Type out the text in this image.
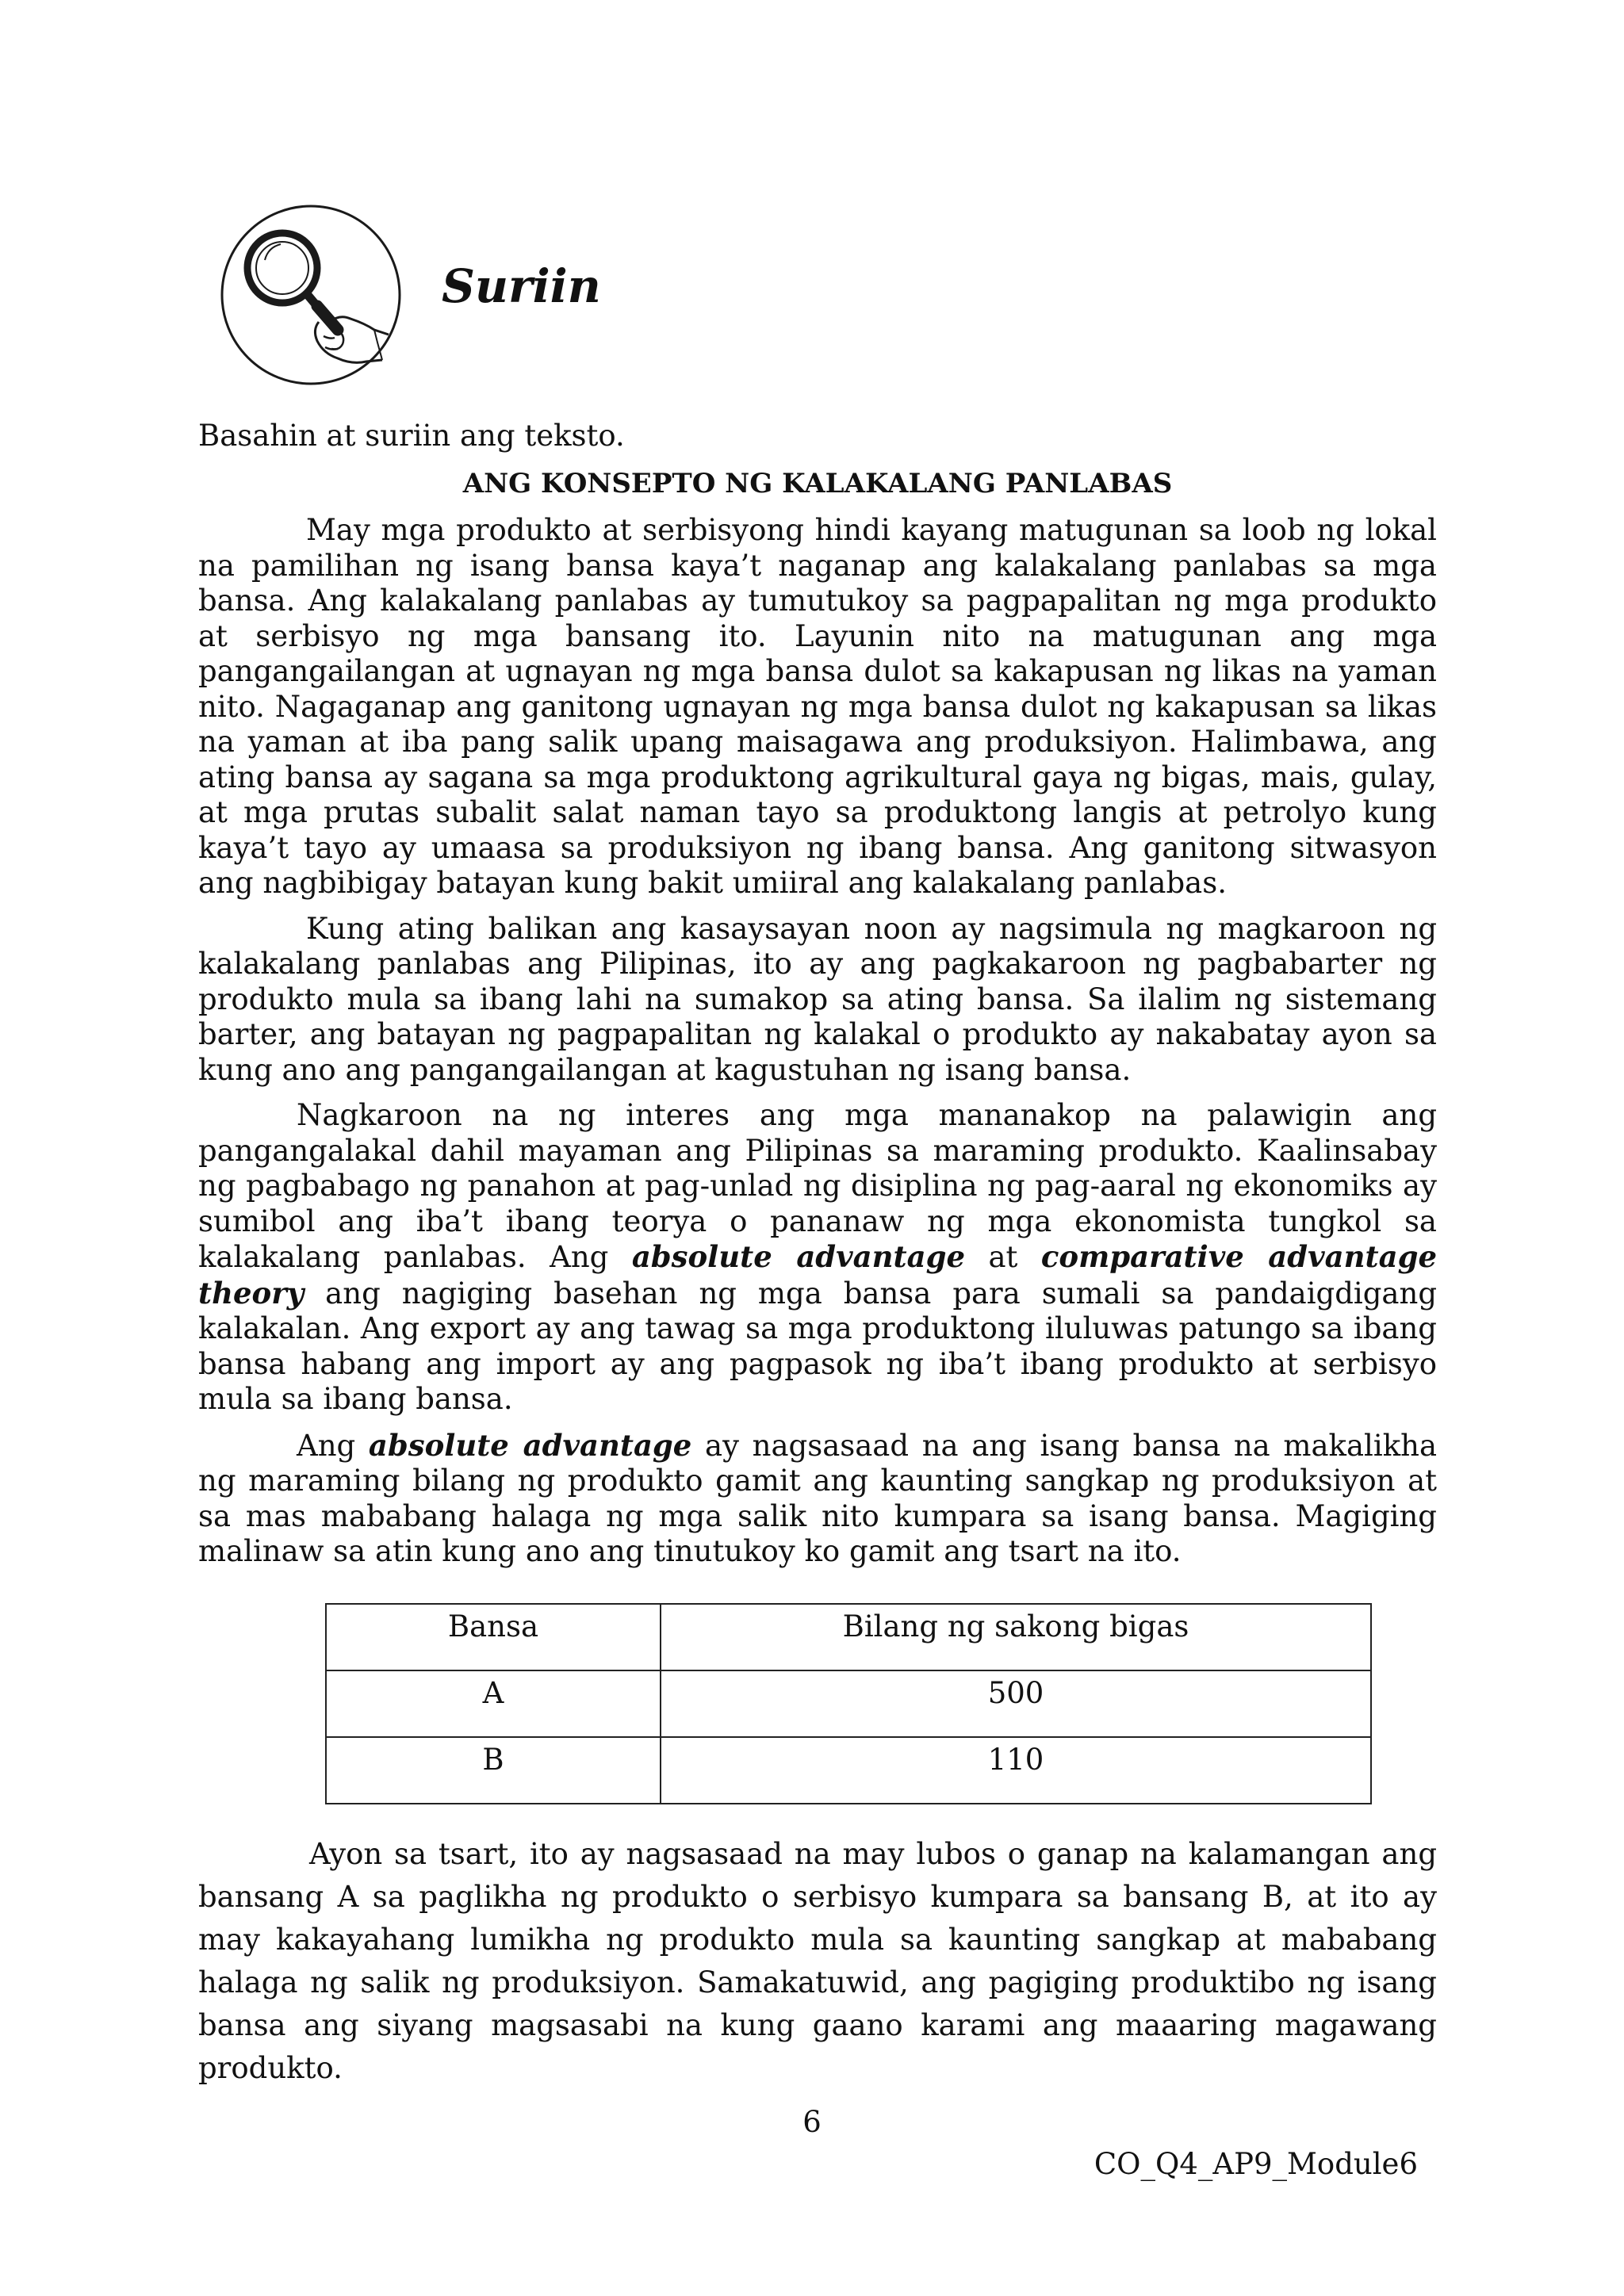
Suriin

Basahin at suriin ang teksto.

ANG KONSEPTO NG KALAKALANG PANLABAS

May mga produkto at serbisyong hindi kayang matugunan sa loob ng lokal na pamilihan ng isang bansa kaya’t naganap ang kalakalang panlabas sa mga bansa. Ang kalakalang panlabas ay tumutukoy sa pagpapalitan ng mga produkto at serbisyo ng mga bansang ito. Layunin nito na matugunan ang mga pangangailangan at ugnayan ng mga bansa dulot sa kakapusan ng likas na yaman nito. Nagaganap ang ganitong ugnayan ng mga bansa dulot ng kakapusan sa likas na yaman at iba pang salik upang maisagawa ang produksiyon. Halimbawa, ang ating bansa ay sagana sa mga produktong agrikultural gaya ng bigas, mais, gulay, at mga prutas subalit salat naman tayo sa produktong langis at petrolyo kung kaya’t tayo ay umaasa sa produksiyon ng ibang bansa. Ang ganitong sitwasyon ang nagbibigay batayan kung bakit umiiral ang kalakalang panlabas.

Kung ating balikan ang kasaysayan noon ay nagsimula ng magkaroon ng kalakalang panlabas ang Pilipinas, ito ay ang pagkakaroon ng pagbabarter ng produkto mula sa ibang lahi na sumakop sa ating bansa. Sa ilalim ng sistemang barter, ang batayan ng pagpapalitan ng kalakal o produkto ay nakabatay ayon sa kung ano ang pangangailangan at kagustuhan ng isang bansa.

Nagkaroon na ng interes ang mga mananakop na palawigin ang pangangalakal dahil mayaman ang Pilipinas sa maraming produkto. Kaalinsabay ng pagbabago ng panahon at pag-unlad ng disiplina ng pag-aaral ng ekonomiks ay sumibol ang iba’t ibang teorya o pananaw ng mga ekonomista tungkol sa kalakalang panlabas. Ang absolute advantage at comparative advantage theory ang nagiging basehan ng mga bansa para sumali sa pandaigdigang kalakalan. Ang export ay ang tawag sa mga produktong iluluwas patungo sa ibang bansa habang ang import ay ang pagpasok ng iba’t ibang produkto at serbisyo mula sa ibang bansa.

Ang absolute advantage ay nagsasaad na ang isang bansa na makalikha ng maraming bilang ng produkto gamit ang kaunting sangkap ng produksiyon at sa mas mababang halaga ng mga salik nito kumpara sa isang bansa. Magiging malinaw sa atin kung ano ang tinutukoy ko gamit ang tsart na ito.

Bansa	Bilang ng sakong bigas
A	500
B	110

Ayon sa tsart, ito ay nagsasaad na may lubos o ganap na kalamangan ang bansang A sa paglikha ng produkto o serbisyo kumpara sa bansang B, at ito ay may kakayahang lumikha ng produkto mula sa kaunting sangkap at mababang halaga ng salik ng produksiyon. Samakatuwid, ang pagiging produktibo ng isang bansa ang siyang magsasabi na kung gaano karami ang maaaring magawang produkto.

6
CO_Q4_AP9_Module6
